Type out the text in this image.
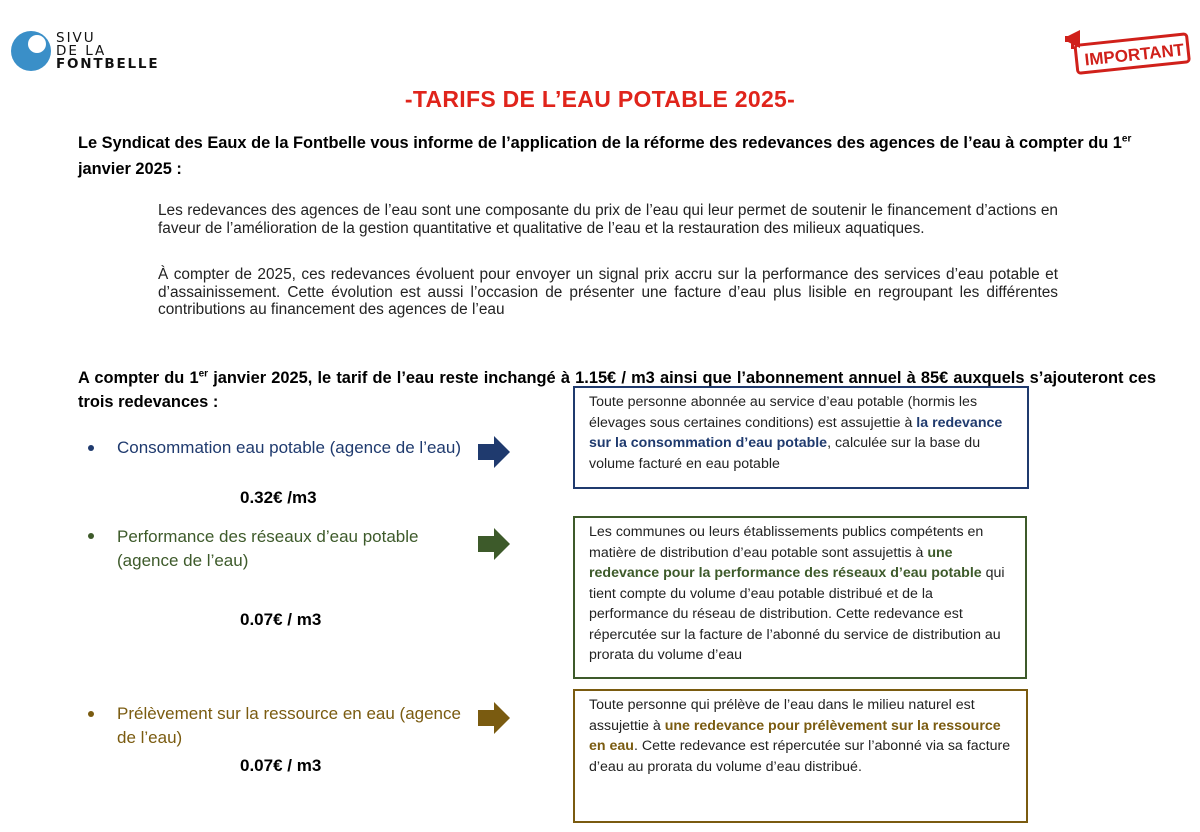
SIVU
DE LA
FONTBELLE	IMPORTANT
-TARIFS DE L’EAU POTABLE 2025-
Le Syndicat des Eaux de la Fontbelle vous informe de l’application de la réforme des redevances des agences de l’eau à compter du 1er janvier 2025 :
Les redevances des agences de l’eau sont une composante du prix de l’eau qui leur permet de soutenir le financement d’actions en faveur de l’amélioration de la gestion quantitative et qualitative de l’eau et la restauration des milieux aquatiques.
À compter de 2025, ces redevances évoluent pour envoyer un signal prix accru sur la performance des services d’eau potable et d’assainissement. Cette évolution est aussi l’occasion de présenter une facture d’eau plus lisible en regroupant les différentes contributions au financement des agences de l’eau
A compter du 1er janvier 2025, le tarif de l’eau reste inchangé à 1.15€ / m3 ainsi que l’abonnement annuel à 85€ auxquels s’ajouteront ces trois redevances :
Consommation eau potable (agence de l’eau)
0.32€ /m3
Toute personne abonnée au service d’eau potable (hormis les élevages sous certaines conditions) est assujettie à la redevance sur la consommation d’eau potable, calculée sur la base du volume facturé en eau potable
Performance des réseaux d’eau potable (agence de l’eau)
0.07€ / m3
Les communes ou leurs établissements publics compétents en matière de distribution d’eau potable sont assujettis à une redevance pour la performance des réseaux d’eau potable qui tient compte du volume d’eau potable distribué et de la performance du réseau de distribution. Cette redevance est répercutée sur la facture de l’abonné du service de distribution au prorata du volume d’eau
Prélèvement sur la ressource en eau (agence de l’eau)
0.07€ / m3
Toute personne qui prélève de l’eau dans le milieu naturel est assujettie à une redevance pour prélèvement sur la ressource en eau. Cette redevance est répercutée sur l’abonné via sa facture d’eau au prorata du volume d’eau distribué.
